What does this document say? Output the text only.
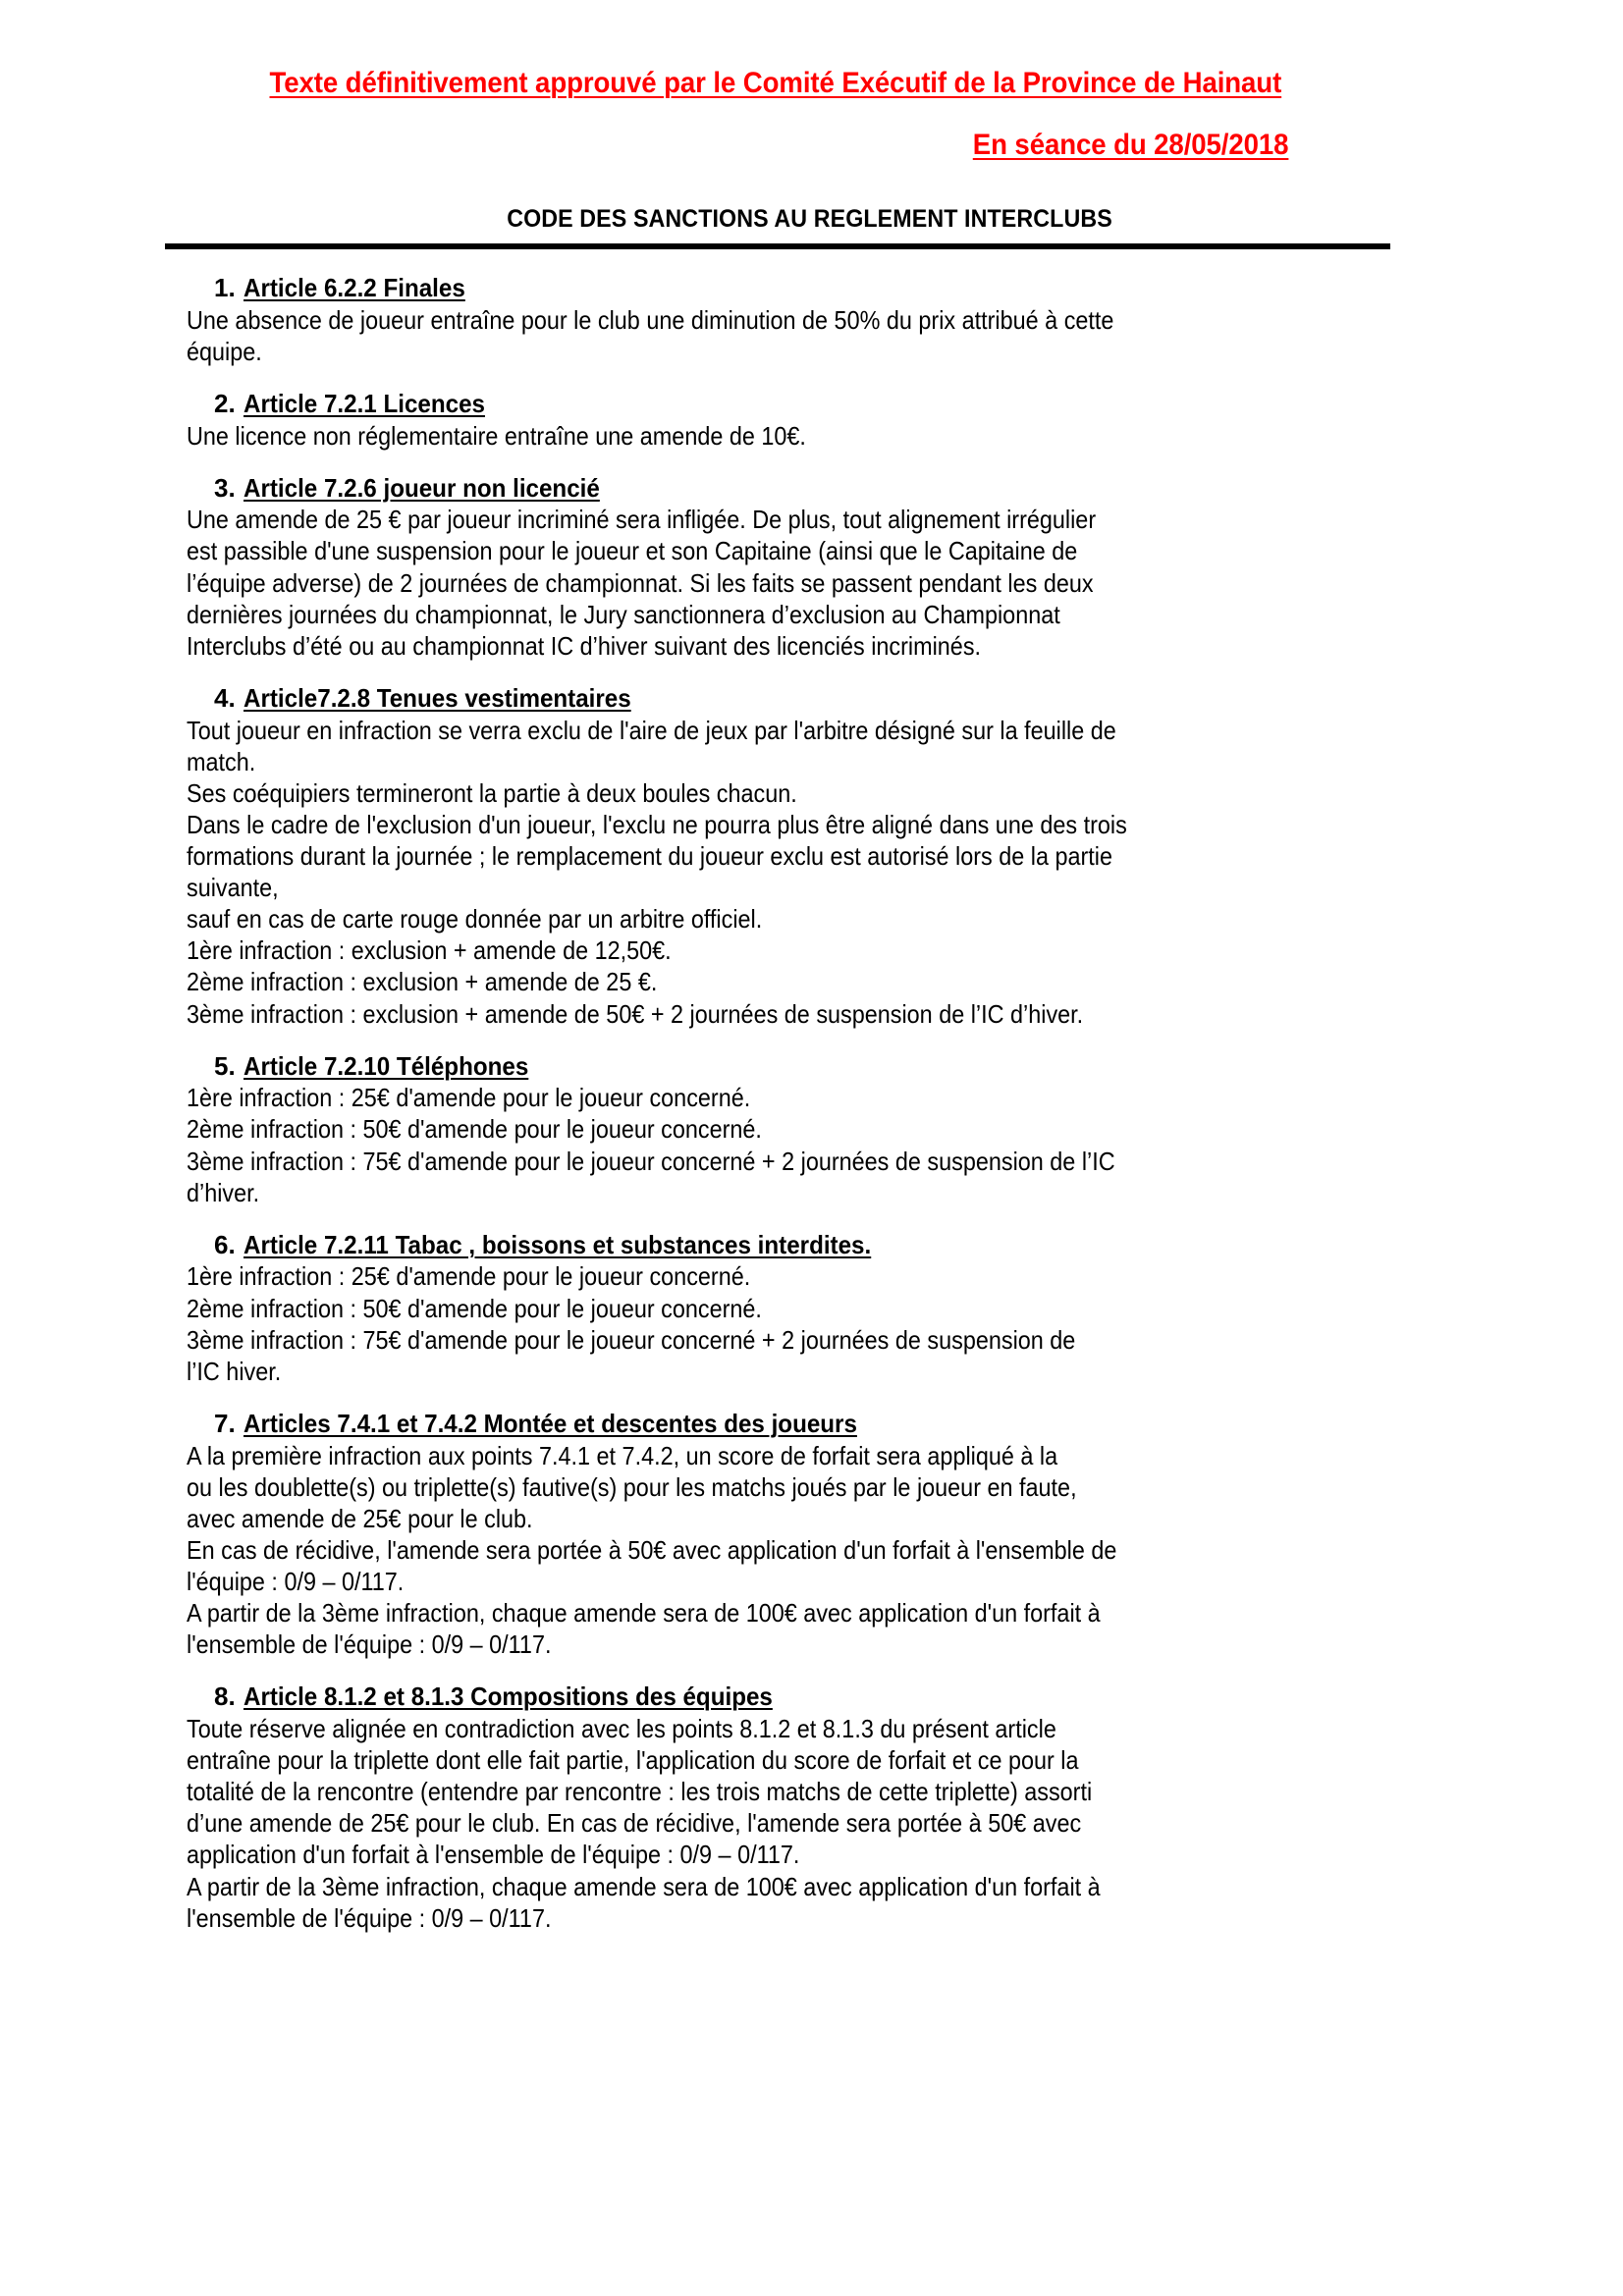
Texte définitivement approuvé par le Comité Exécutif de la Province de Hainaut
En séance du 28/05/2018
CODE DES SANCTIONS AU REGLEMENT INTERCLUBS
1. Article 6.2.2 Finales
Une absence de joueur entraîne pour le club une diminution de 50% du prix attribué à cette
équipe.
2. Article 7.2.1 Licences
Une licence non réglementaire entraîne une amende de 10€.
3. Article 7.2.6 joueur non licencié
Une amende de 25 € par joueur incriminé sera infligée. De plus, tout alignement irrégulier
est passible d'une suspension pour le joueur et son Capitaine (ainsi que le Capitaine de
l’équipe adverse) de 2 journées de championnat. Si les faits se passent pendant les deux
dernières journées du championnat, le Jury sanctionnera d’exclusion au Championnat
Interclubs d’été ou au championnat IC d’hiver suivant des licenciés incriminés.
4. Article7.2.8 Tenues vestimentaires
Tout joueur en infraction se verra exclu de l'aire de jeux par l'arbitre désigné sur la feuille de
match.
Ses coéquipiers termineront la partie à deux boules chacun.
Dans le cadre de l'exclusion d'un joueur, l'exclu ne pourra plus être aligné dans une des trois
formations durant la journée ; le remplacement du joueur exclu est autorisé lors de la partie
suivante,
sauf en cas de carte rouge donnée par un arbitre officiel.
1ère infraction : exclusion + amende de 12,50€.
2ème infraction : exclusion + amende de 25 €.
3ème infraction : exclusion + amende de 50€ + 2 journées de suspension de l’IC d’hiver.
5. Article 7.2.10 Téléphones
1ère infraction : 25€ d'amende pour le joueur concerné.
2ème infraction : 50€ d'amende pour le joueur concerné.
3ème infraction : 75€ d'amende pour le joueur concerné + 2 journées de suspension de l’IC
d’hiver.
6. Article 7.2.11 Tabac , boissons et substances interdites.
1ère infraction : 25€ d'amende pour le joueur concerné.
2ème infraction : 50€ d'amende pour le joueur concerné.
3ème infraction : 75€ d'amende pour le joueur concerné + 2 journées de suspension de
l’IC hiver.
7. Articles 7.4.1 et 7.4.2 Montée et descentes des joueurs
A la première infraction aux points 7.4.1 et 7.4.2, un score de forfait sera appliqué à la
ou les doublette(s) ou triplette(s) fautive(s) pour les matchs joués par le joueur en faute,
avec amende de 25€ pour le club.
En cas de récidive, l'amende sera portée à 50€ avec application d'un forfait à l'ensemble de
l'équipe : 0/9 – 0/117.
A partir de la 3ème infraction, chaque amende sera de 100€ avec application d'un forfait à
l'ensemble de l'équipe : 0/9 – 0/117.
8. Article 8.1.2 et 8.1.3 Compositions des équipes
Toute réserve alignée en contradiction avec les points 8.1.2 et 8.1.3 du présent article
entraîne pour la triplette dont elle fait partie, l'application du score de forfait et ce pour la
totalité de la rencontre (entendre par rencontre : les trois matchs de cette triplette) assorti
d’une amende de 25€ pour le club. En cas de récidive, l'amende sera portée à 50€ avec
application d'un forfait à l'ensemble de l'équipe : 0/9 – 0/117.
A partir de la 3ème infraction, chaque amende sera de 100€ avec application d'un forfait à
l'ensemble de l'équipe : 0/9 – 0/117.
